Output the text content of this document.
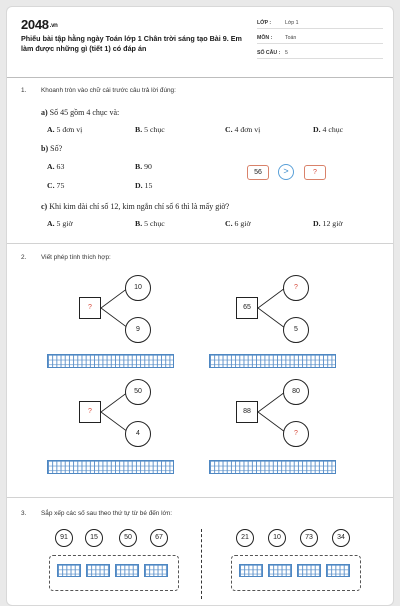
2048.vn
Phiếu bài tập hằng ngày Toán lớp 1 Chân trời sáng tạo Bài 9. Em làm được những gì (tiết 1) có đáp án
LỚP :	Lớp 1
MÔN : Toán
SỐ CÂU : 5
1. Khoanh tròn vào chữ cái trước câu trả lời đúng:
a) Số 45 gồm 4 chục và:
A. 5 đơn vị	B. 5 chục	C. 4 đơn vị	D. 4 chục
b) Số?
A. 63	B. 90
C. 75	D. 15
56	>	?
c) Khi kim dài chỉ số 12, kim ngắn chỉ số 6 thì là mấy giờ?
A. 5 giờ	B. 5 chục	C. 6 giờ	D. 12 giờ
2. Viết phép tính thích hợp:
?
10
9
65
?
5
?
50
4
88
80
?
3. Sắp xếp các số sau theo thứ tự từ bé đến lớn:
91	15	50	67	21	10	73	34
